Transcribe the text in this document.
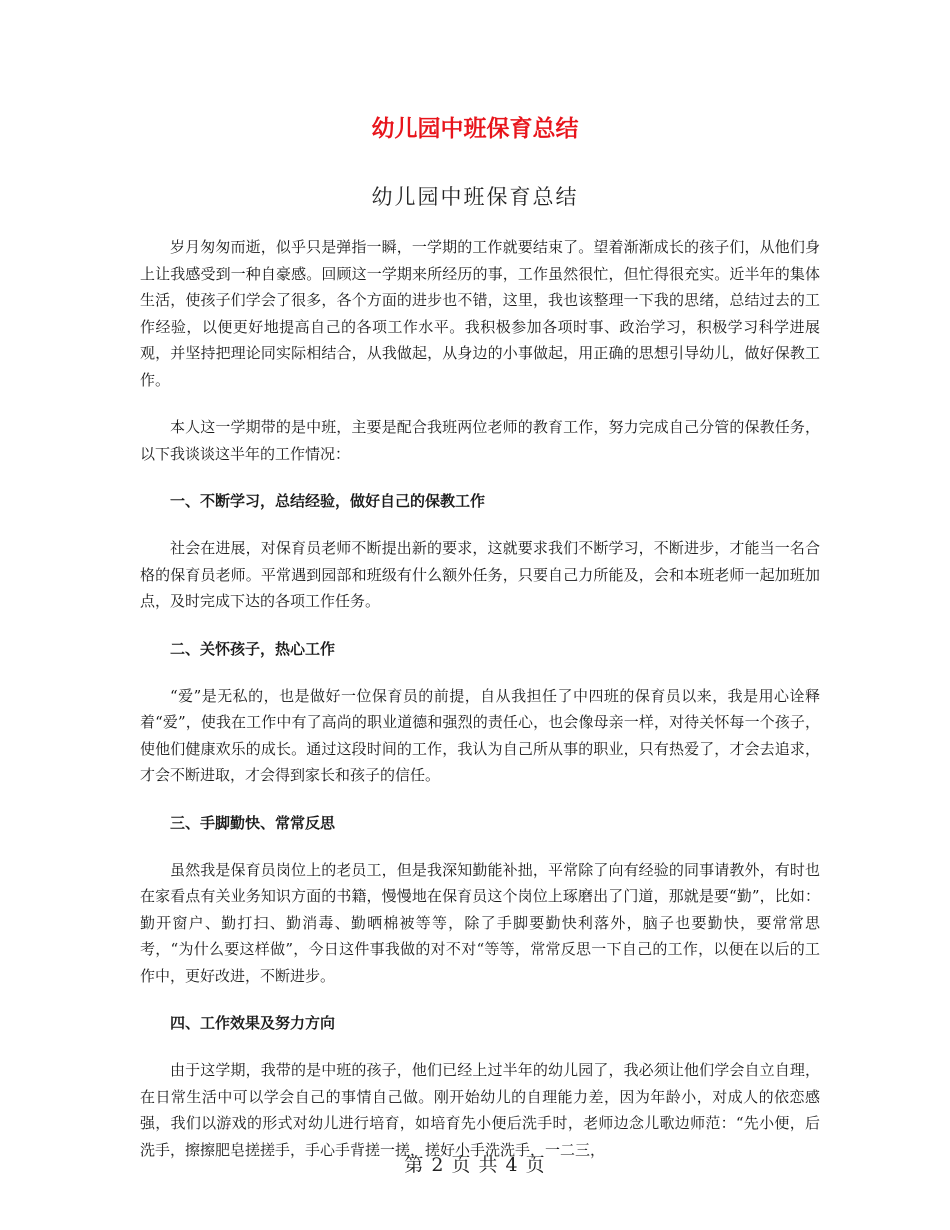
幼儿园中班保育总结
幼儿园中班保育总结

岁月匆匆而逝，似乎只是弹指一瞬，一学期的工作就要结束了。望着渐渐成长的孩子们，从他们身上让我感受到一种自豪感。回顾这一学期来所经历的事，工作虽然很忙，但忙得很充实。近半年的集体生活，使孩子们学会了很多，各个方面的进步也不错，这里，我也该整理一下我的思绪，总结过去的工作经验，以便更好地提高自己的各项工作水平。我积极参加各项时事、政治学习，积极学习科学进展观，并坚持把理论同实际相结合，从我做起，从身边的小事做起，用正确的思想引导幼儿，做好保教工作。

本人这一学期带的是中班，主要是配合我班两位老师的教育工作，努力完成自己分管的保教任务，以下我谈谈这半年的工作情况：

一、不断学习，总结经验，做好自己的保教工作

社会在进展，对保育员老师不断提出新的要求，这就要求我们不断学习，不断进步，才能当一名合格的保育员老师。平常遇到园部和班级有什么额外任务，只要自己力所能及，会和本班老师一起加班加点，及时完成下达的各项工作任务。

二、关怀孩子，热心工作

“爱”是无私的，也是做好一位保育员的前提，自从我担任了中四班的保育员以来，我是用心诠释着“爱”，使我在工作中有了高尚的职业道德和强烈的责任心，也会像母亲一样，对待关怀每一个孩子，使他们健康欢乐的成长。通过这段时间的工作，我认为自己所从事的职业，只有热爱了，才会去追求，才会不断进取，才会得到家长和孩子的信任。

三、手脚勤快、常常反思

虽然我是保育员岗位上的老员工，但是我深知勤能补拙，平常除了向有经验的同事请教外，有时也在家看点有关业务知识方面的书籍，慢慢地在保育员这个岗位上琢磨出了门道，那就是要“勤”，比如：勤开窗户、勤打扫、勤消毒、勤晒棉被等等，除了手脚要勤快利落外，脑子也要勤快，要常常思考，“为什么要这样做”，今日这件事我做的对不对“等等，常常反思一下自己的工作，以便在以后的工作中，更好改进，不断进步。

四、工作效果及努力方向

由于这学期，我带的是中班的孩子，他们已经上过半年的幼儿园了，我必须让他们学会自立自理，在日常生活中可以学会自己的事情自己做。刚开始幼儿的自理能力差，因为年龄小，对成人的依恋感强，我们以游戏的形式对幼儿进行培育，如培育先小便后洗手时，老师边念儿歌边师范：“先小便，后洗手，擦擦肥皂搓搓手，手心手背搓一搓，搓好小手洗洗手，一二三，

第 2 页 共 4 页
